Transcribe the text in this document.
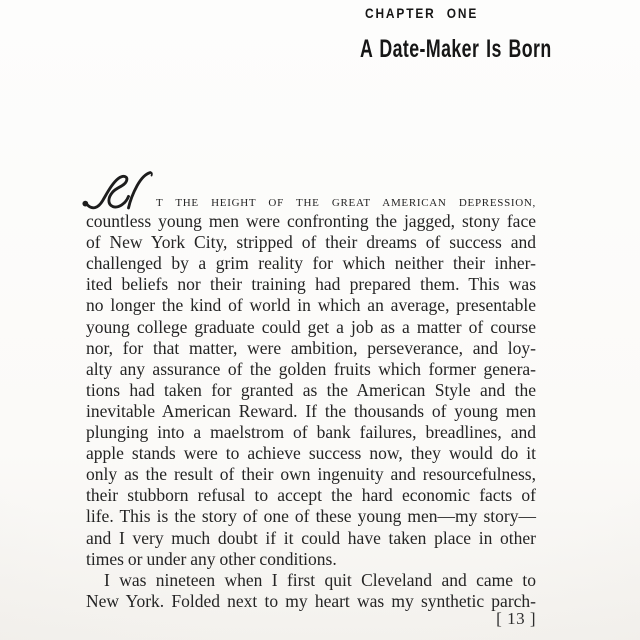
CHAPTER ONE
A Date-Maker Is Born
T THE HEIGHT OF THE GREAT AMERICAN DEPRESSION,
countless young men were confronting the jagged, stony face
of New York City, stripped of their dreams of success and
challenged by a grim reality for which neither their inher-
ited beliefs nor their training had prepared them. This was
no longer the kind of world in which an average, presentable
young college graduate could get a job as a matter of course
nor, for that matter, were ambition, perseverance, and loy-
alty any assurance of the golden fruits which former genera-
tions had taken for granted as the American Style and the
inevitable American Reward. If the thousands of young men
plunging into a maelstrom of bank failures, breadlines, and
apple stands were to achieve success now, they would do it
only as the result of their own ingenuity and resourcefulness,
their stubborn refusal to accept the hard economic facts of
life. This is the story of one of these young men—my story—
and I very much doubt if it could have taken place in other
times or under any other conditions.
I was nineteen when I first quit Cleveland and came to
New York. Folded next to my heart was my synthetic parch-
[ 13 ]
